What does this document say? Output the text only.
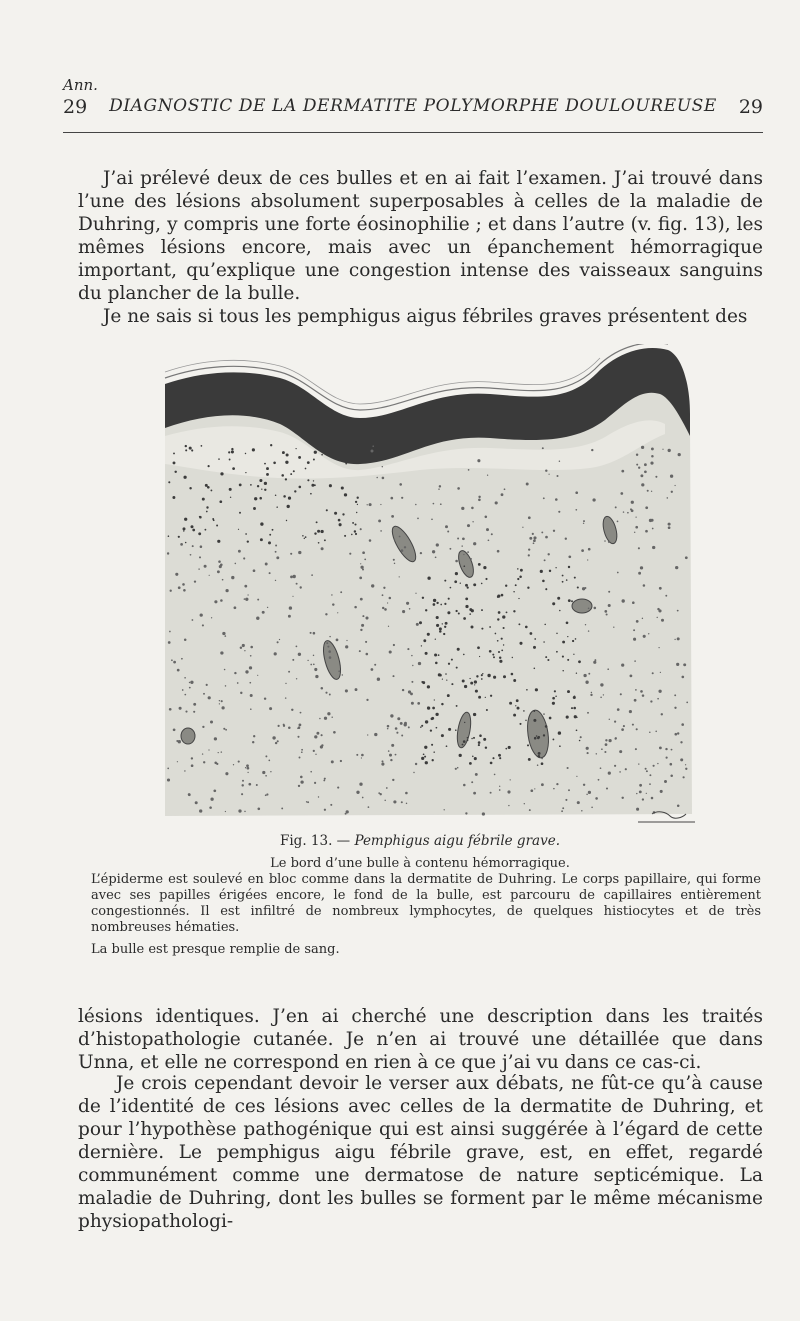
Ann.
29	DIAGNOSTIC DE LA DERMATITE POLYMORPHE DOULOUREUSE	29

J’ai prélevé deux de ces bulles et en ai fait l’examen. J’ai trouvé dans l’une des lésions absolument superposables à celles de la maladie de Duhring, y compris une forte éosinophilie ; et dans l’autre (v. fig. 13), les mêmes lésions encore, mais avec un épanchement hémorragique important, qu’explique une congestion intense des vaisseaux sanguins du plancher de la bulle.

Je ne sais si tous les pemphigus aigus fébriles graves présentent des

Fig. 13. — Pemphigus aigu fébrile grave.
Le bord d’une bulle à contenu hémorragique.
L’épiderme est soulevé en bloc comme dans la dermatite de Duhring. Le corps papillaire, qui forme avec ses papilles érigées encore, le fond de la bulle, est parcouru de capillaires entièrement congestionnés. Il est infiltré de nombreux lymphocytes, de quelques histiocytes et de très nombreuses hématies.
La bulle est presque remplie de sang.

lésions identiques. J’en ai cherché une description dans les traités d’histopathologie cutanée. Je n’en ai trouvé une détaillée que dans Unna, et elle ne correspond en rien à ce que j’ai vu dans ce cas-ci.

Je crois cependant devoir le verser aux débats, ne fût-ce qu’à cause de l’identité de ces lésions avec celles de la dermatite de Duhring, et pour l’hypothèse pathogénique qui est ainsi suggérée à l’égard de cette dernière. Le pemphigus aigu fébrile grave, est, en effet, regardé communément comme une dermatose de nature septicémique. La maladie de Duhring, dont les bulles se forment par le même mécanisme physiopathologi-
